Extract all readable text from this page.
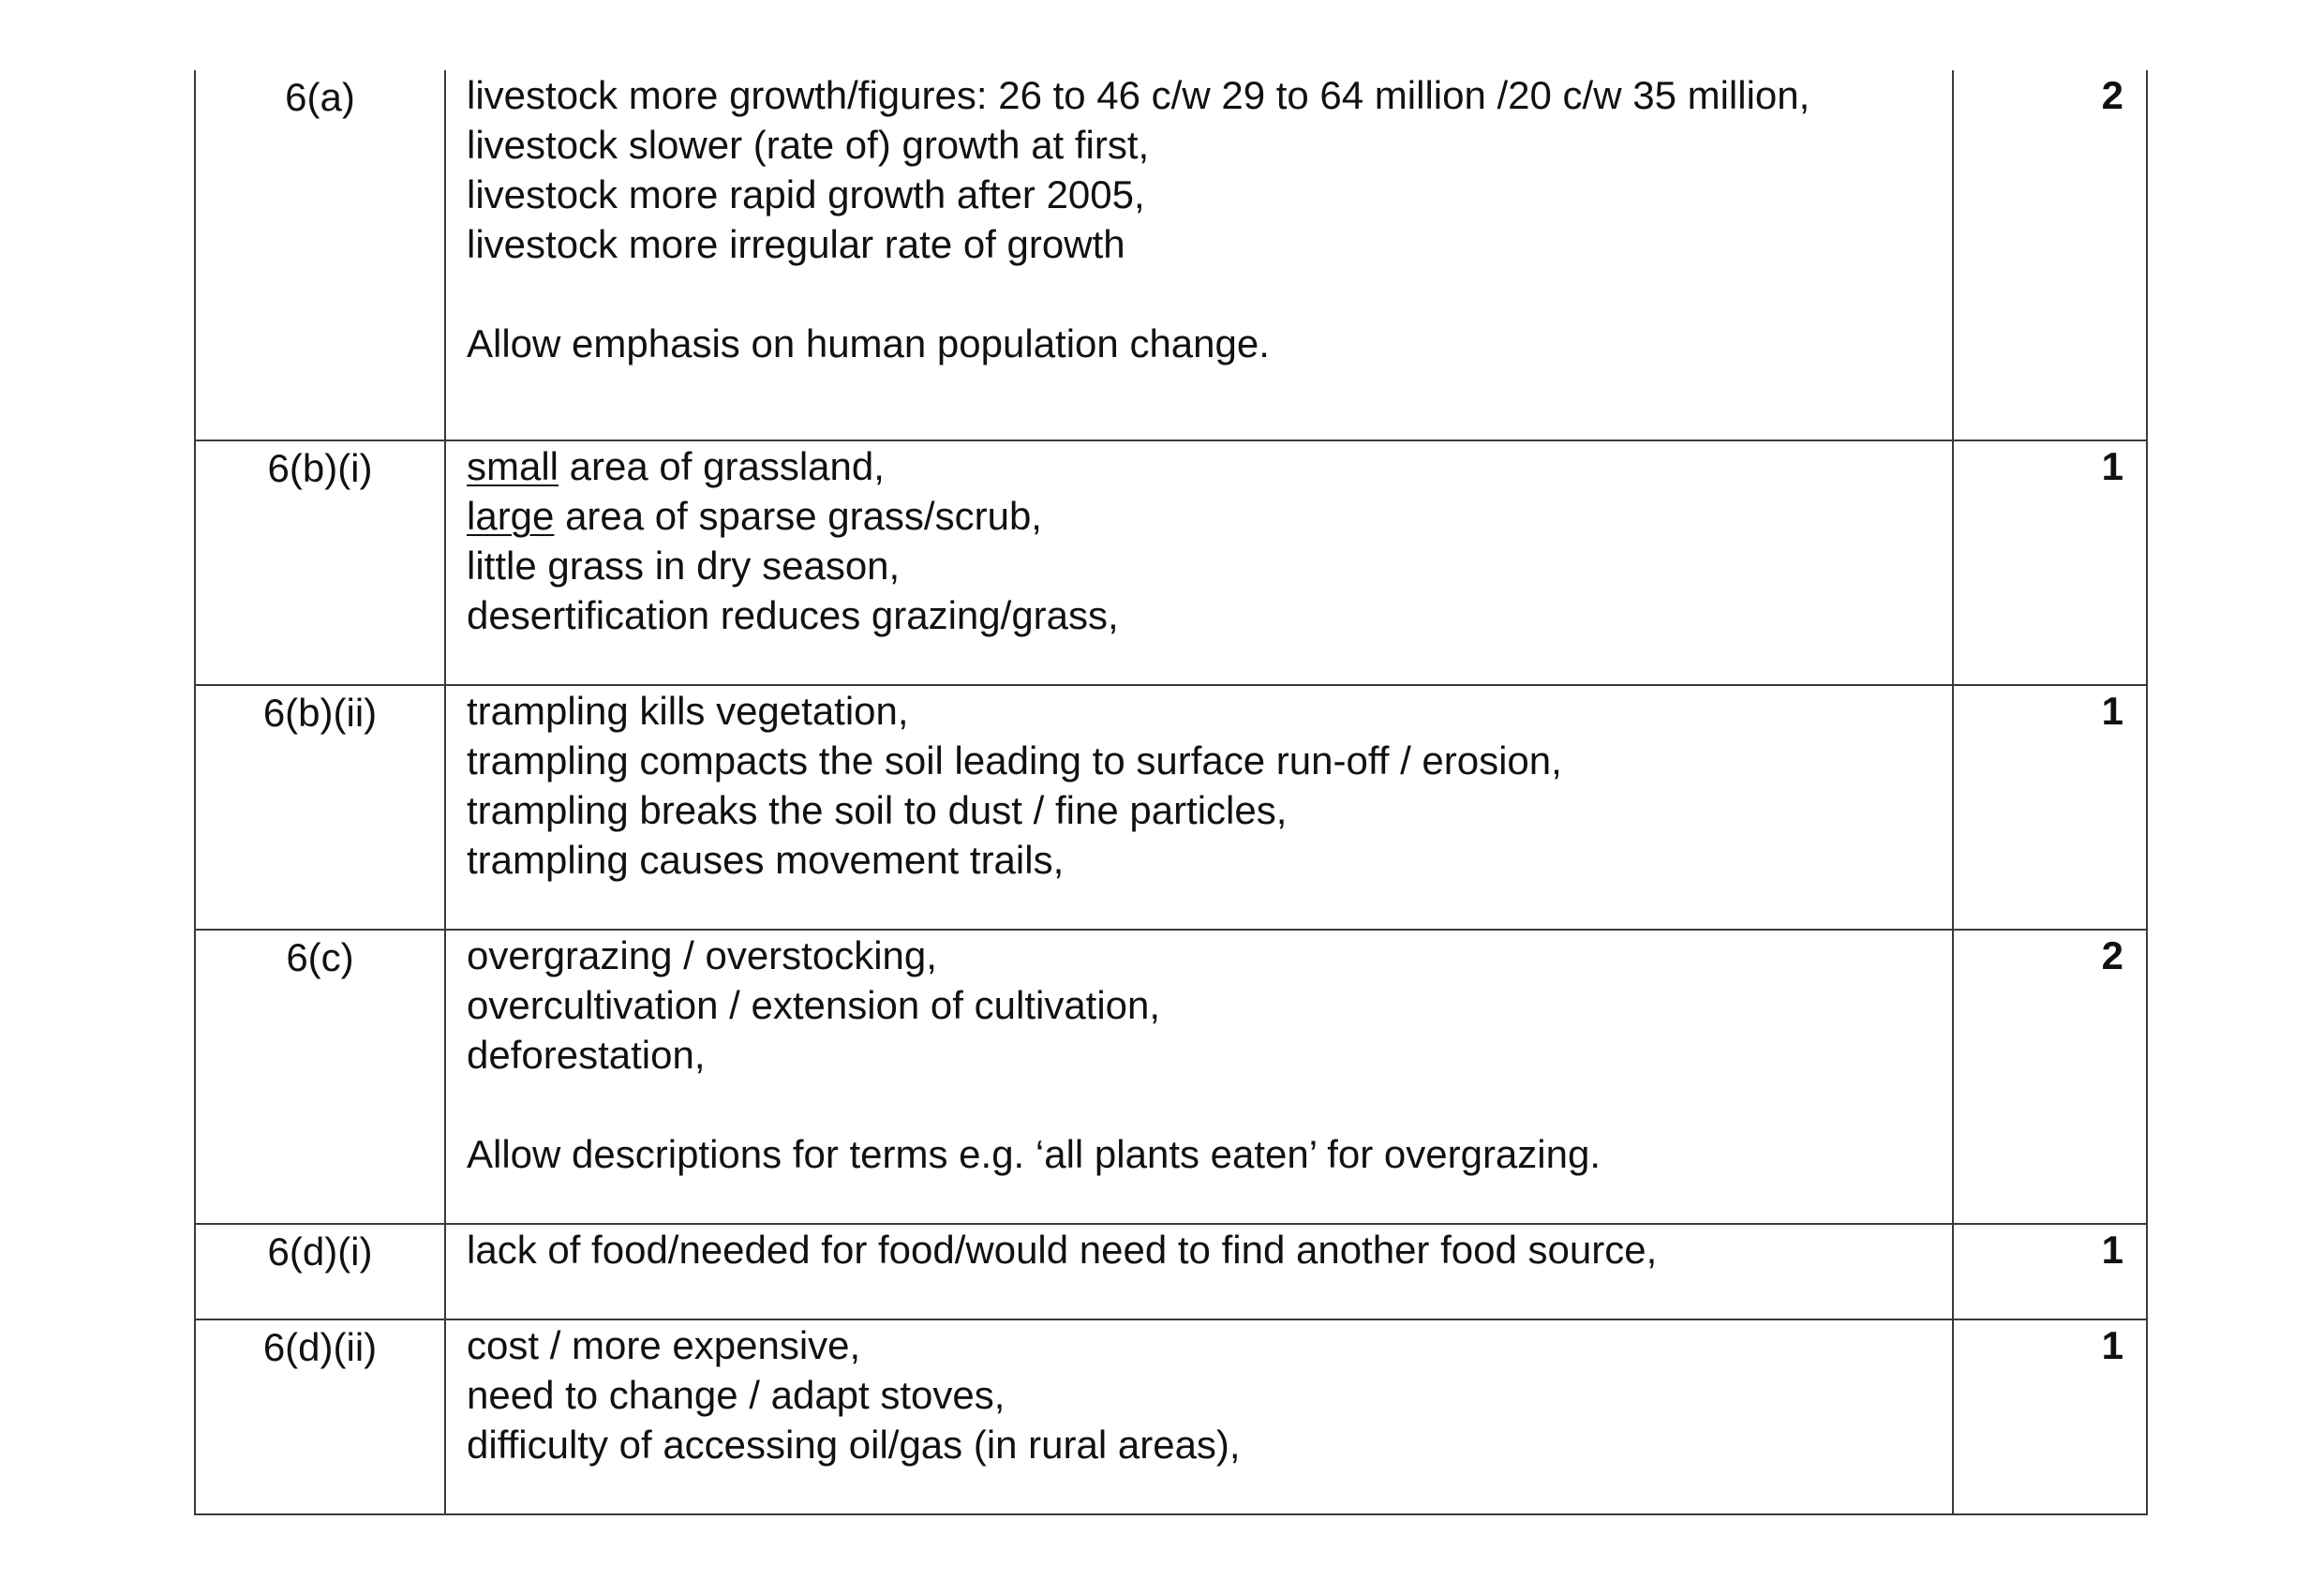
6(a)	livestock more growth/figures: 26 to 46 c/w 29 to 64 million /20 c/w 35 million,
livestock slower (rate of) growth at first,
livestock more rapid growth after 2005,
livestock more irregular rate of growth
Allow emphasis on human population change.	2
6(b)(i)	small area of grassland,
large area of sparse grass/scrub,
little grass in dry season,
desertification reduces grazing/grass,	1
6(b)(ii)	trampling kills vegetation,
trampling compacts the soil leading to surface run-off / erosion,
trampling breaks the soil to dust / fine particles,
trampling causes movement trails,	1
6(c)	overgrazing / overstocking,
overcultivation / extension of cultivation,
deforestation,
Allow descriptions for terms e.g. ‘all plants eaten’ for overgrazing.	2
6(d)(i)	lack of food/needed for food/would need to find another food source,	1
6(d)(ii)	cost / more expensive,
need to change / adapt stoves,
difficulty of accessing oil/gas (in rural areas),	1
